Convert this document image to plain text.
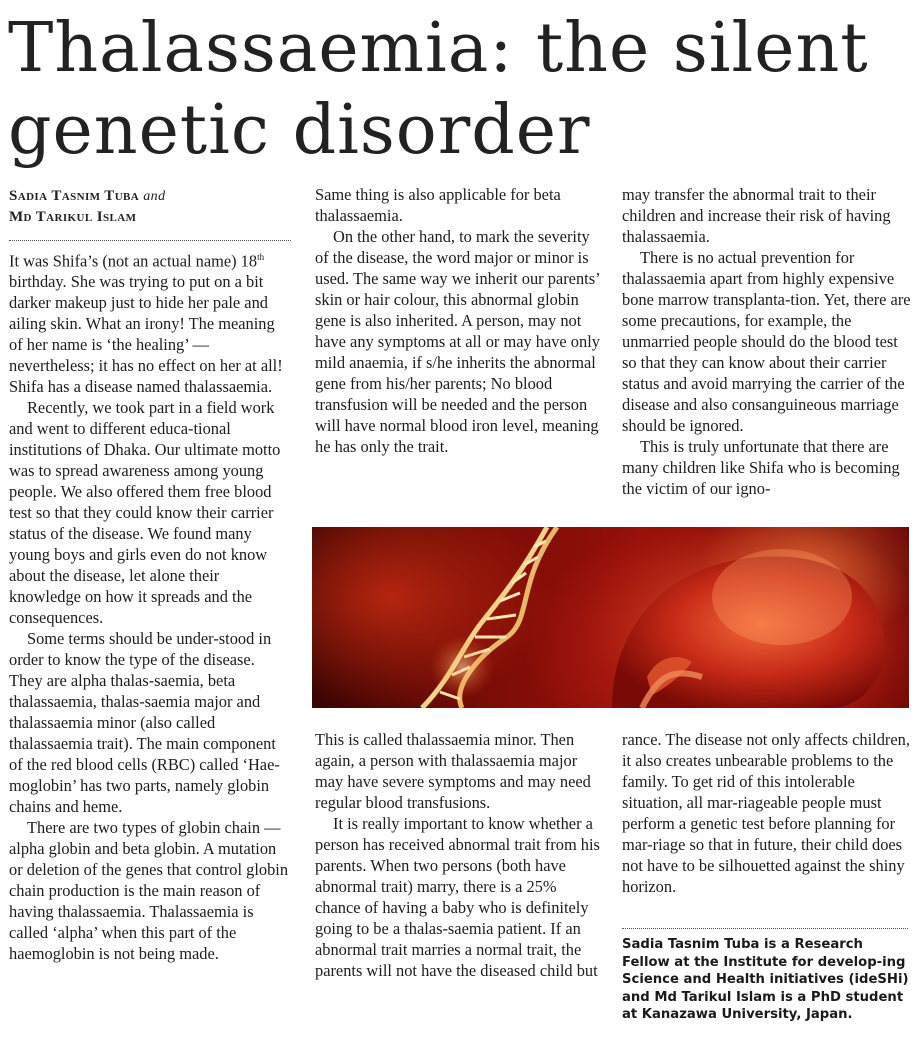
Thalassaemia: the silent
genetic disorder
Sadia Tasnim Tuba and
Md Tarikul Islam

It was Shifa’s (not an actual name) 18th birthday. She was trying to put on a bit darker makeup just to hide her pale and ailing skin. What an irony! The meaning of her name is ‘the healing’ — nevertheless; it has no effect on her at all! Shifa has a disease named thalassaemia.

Recently, we took part in a field work and went to different educa-tional institutions of Dhaka. Our ultimate motto was to spread awareness among young people. We also offered them free blood test so that they could know their carrier status of the disease. We found many young boys and girls even do not know about the disease, let alone their knowledge on how it spreads and the consequences.

Some terms should be under-stood in order to know the type of the disease. They are alpha thalas-saemia, beta thalassaemia, thalas-saemia major and thalassaemia minor (also called thalassaemia trait). The main component of the red blood cells (RBC) called ‘Hae-moglobin’ has two parts, namely globin chains and heme.

There are two types of globin chain — alpha globin and beta globin. A mutation or deletion of the genes that control globin chain production is the main reason of having thalassaemia. Thalassaemia is called ‘alpha’ when this part of the haemoglobin is not being made.

Same thing is also applicable for beta thalassaemia.

On the other hand, to mark the severity of the disease, the word major or minor is used. The same way we inherit our parents’ skin or hair colour, this abnormal globin gene is also inherited. A person, may not have any symptoms at all or may have only mild anaemia, if s/he inherits the abnormal gene from his/her parents; No blood transfusion will be needed and the person will have normal blood iron level, meaning he has only the trait.

may transfer the abnormal trait to their children and increase their risk of having thalassaemia.

There is no actual prevention for thalassaemia apart from highly expensive bone marrow transplanta-tion. Yet, there are some precautions, for example, the unmarried people should do the blood test so that they can know about their carrier status and avoid marrying the carrier of the disease and also consanguineous marriage should be ignored.

This is truly unfortunate that there are many children like Shifa who is becoming the victim of our igno-

This is called thalassaemia minor. Then again, a person with thalassaemia major may have severe symptoms and may need regular blood transfusions.

It is really important to know whether a person has received abnormal trait from his parents. When two persons (both have abnormal trait) marry, there is a 25% chance of having a baby who is definitely going to be a thalas-saemia patient. If an abnormal trait marries a normal trait, the parents will not have the diseased child but

rance. The disease not only affects children, it also creates unbearable problems to the family. To get rid of this intolerable situation, all mar-riageable people must perform a genetic test before planning for mar-riage so that in future, their child does not have to be silhouetted against the shiny horizon.

Sadia Tasnim Tuba is a Research Fellow at the Institute for develop-ing Science and Health initiatives (ideSHi) and Md Tarikul Islam is a PhD student at Kanazawa University, Japan.
